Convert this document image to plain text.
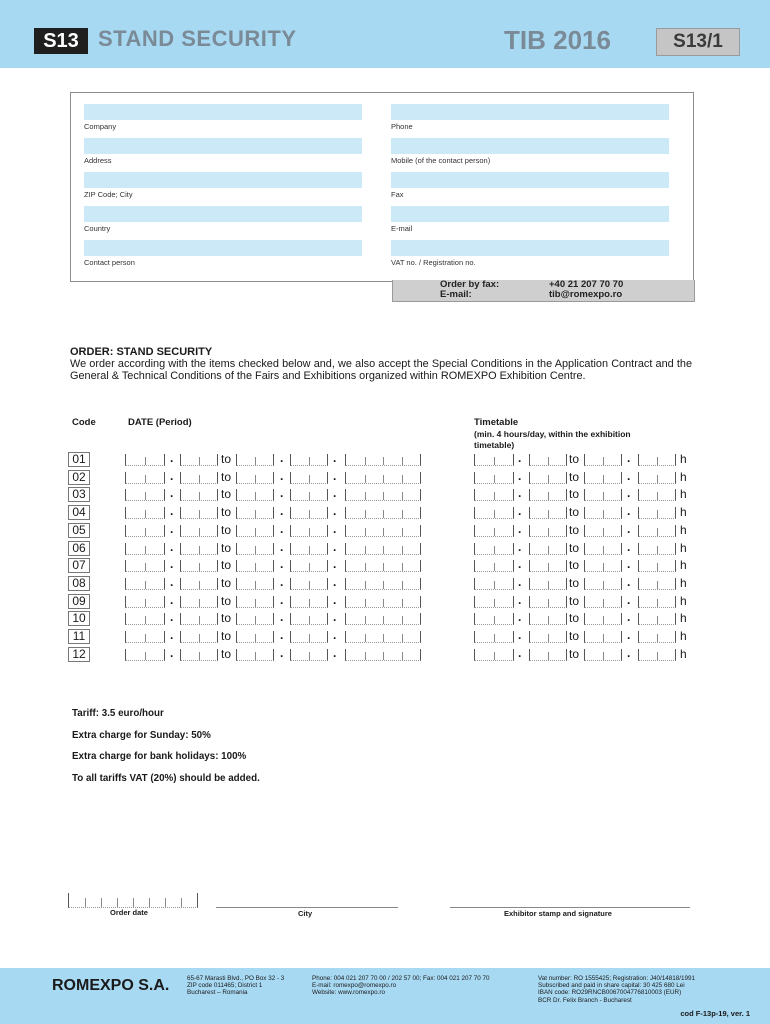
S13 STAND SECURITY	TIB 2016	S13/1
Company
Address
ZIP Code; City
Country
Contact person
Phone
Mobile (of the contact person)
Fax
E-mail
VAT no. / Registration no.
Order by fax:	+40 21 207 70 70
E-mail:	tib@romexpo.ro
ORDER: STAND SECURITY
We order according with the items checked below and, we also accept the Special Conditions in the Application Contract and the General & Technical Conditions of the Fairs and Exhibitions organized within ROMEXPO Exhibition Centre.
Code	DATE (Period)	Timetable
(min. 4 hours/day, within the exhibition timetable)
01	.	to	.	.	.	to	.	h
02	.	to	.	.	.	to	.	h
03	.	to	.	.	.	to	.	h
04	.	to	.	.	.	to	.	h
05	.	to	.	.	.	to	.	h
06	.	to	.	.	.	to	.	h
07	.	to	.	.	.	to	.	h
08	.	to	.	.	.	to	.	h
09	.	to	.	.	.	to	.	h
10	.	to	.	.	.	to	.	h
11	.	to	.	.	.	to	.	h
12	.	to	.	.	.	to	.	h
Tariff: 3.5 euro/hour
Extra charge for Sunday: 50%
Extra charge for bank holidays: 100%
To all tariffs VAT (20%) should be added.
Order date	City	Exhibitor stamp and signature
ROMEXPO S.A.	65-67 Marasti Blvd., PO Box 32 - 3
ZIP code 011465; District 1
Bucharest – Romania
Phone: 004 021 207 70 00 / 202 57 00; Fax: 004 021 207 70 70
E-mail: romexpo@romexpo.ro
Website: www.romexpo.ro
Vat number: RO 1555425; Registration: J40/14818/1991
Subscribed and paid in share capital: 30 425 680 Lei
IBAN code: RO29RNCB0067004776810003 (EUR)
BCR Dr. Felix Branch - Bucharest
cod F-13p-19, ver. 1
